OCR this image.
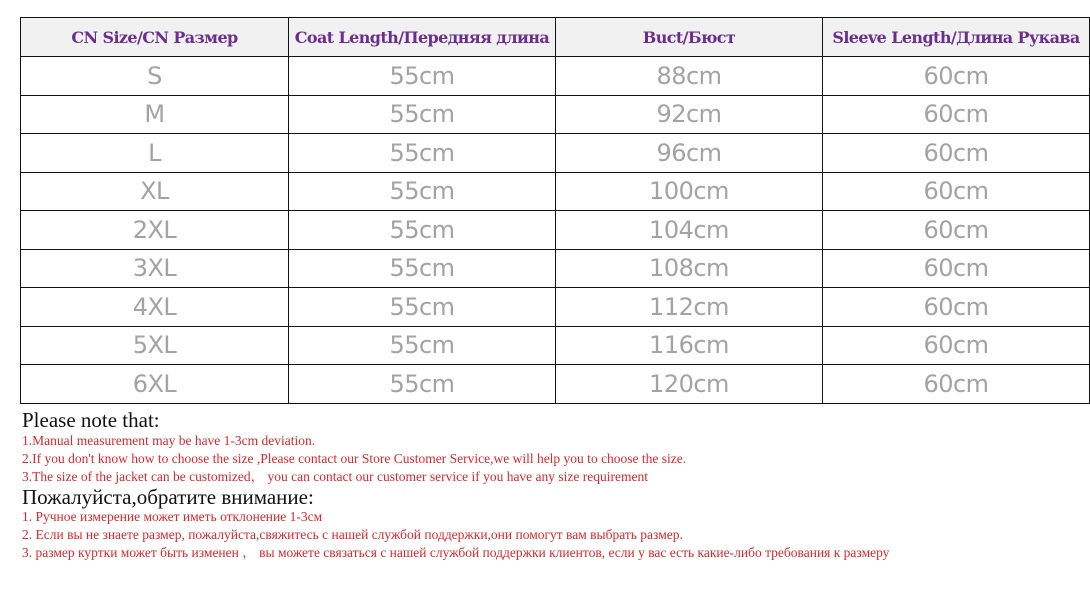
CN Size/CN Размер	Coat Length/Передняя длина	Buct/Бюст	Sleeve Length/Длина Рукава
S	55cm	88cm	60cm
M	55cm	92cm	60cm
L	55cm	96cm	60cm
XL	55cm	100cm	60cm
2XL	55cm	104cm	60cm
3XL	55cm	108cm	60cm
4XL	55cm	112cm	60cm
5XL	55cm	116cm	60cm
6XL	55cm	120cm	60cm
Please note that:
1.Manual measurement may be have 1-3cm deviation.
2.If you don't know how to choose the size ,Please contact our Store Customer Service,we will help you to choose the size.
3.The size of the jacket can be customized， you can contact our customer service if you have any size requirement
Пожалуйста,обратите внимание:
1. Ручное измерение может иметь отклонение 1-3см
2. Если вы не знаете размер, пожалуйста,свяжитесь с нашей службой поддержки,они помогут вам выбрать размер.
3. размер куртки может быть изменен ， вы можете связаться с нашей службой поддержки клиентов, если у вас есть какие-либо требования к размеру
